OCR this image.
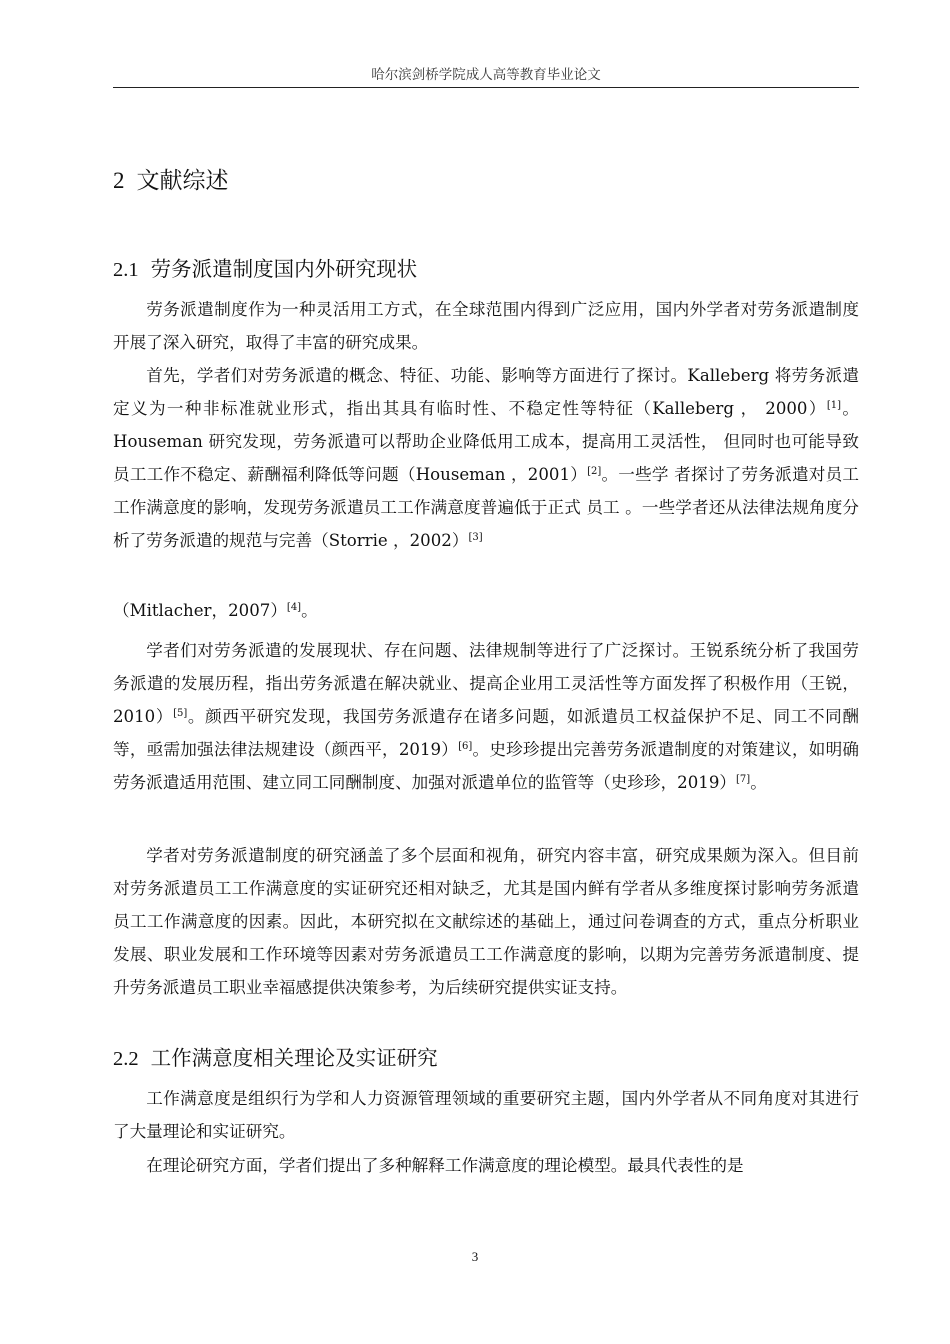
哈尔滨剑桥学院成人高等教育毕业论文
2 文献综述
2.1 劳务派遣制度国内外研究现状

劳务派遣制度作为一种灵活用工方式，在全球范围内得到广泛应用，国内外学者对劳务派遣制度开展了深入研究，取得了丰富的研究成果。

首先，学者们对劳务派遣的概念、特征、功能、影响等方面进行了探讨。Kalleberg 将劳务派遣定义为一种非标准就业形式，指出其具有临时性、不稳定性等特征（Kalleberg ， 2000）[1]。Houseman 研究发现，劳务派遣可以帮助企业降低用工成本，提高用工灵活性， 但同时也可能导致员工工作不稳定、薪酬福利降低等问题（Houseman ，2001）[2]。一些学 者探讨了劳务派遣对员工工作满意度的影响，发现劳务派遣员工工作满意度普遍低于正式 员工 。一些学者还从法律法规角度分析了劳务派遣的规范与完善（Storrie ，2002）[3]

（Mitlacher，2007）[4]。

学者们对劳务派遣的发展现状、存在问题、法律规制等进行了广泛探讨。王锐系统分析了我国劳务派遣的发展历程，指出劳务派遣在解决就业、提高企业用工灵活性等方面发挥了积极作用（王锐，2010）[5]。颜西平研究发现，我国劳务派遣存在诸多问题，如派遣员工权益保护不足、同工不同酬等，亟需加强法律法规建设（颜西平，2019）[6]。史珍珍提出完善劳务派遣制度的对策建议，如明确劳务派遣适用范围、建立同工同酬制度、加强对派遣单位的监管等（史珍珍，2019）[7]。

学者对劳务派遣制度的研究涵盖了多个层面和视角，研究内容丰富，研究成果颇为深入。但目前对劳务派遣员工工作满意度的实证研究还相对缺乏，尤其是国内鲜有学者从多维度探讨影响劳务派遣员工工作满意度的因素。因此，本研究拟在文献综述的基础上，通过问卷调查的方式，重点分析职业发展、职业发展和工作环境等因素对劳务派遣员工工作满意度的影响，以期为完善劳务派遣制度、提升劳务派遣员工职业幸福感提供决策参考，为后续研究提供实证支持。

2.2 工作满意度相关理论及实证研究

工作满意度是组织行为学和人力资源管理领域的重要研究主题，国内外学者从不同角度对其进行了大量理论和实证研究。

在理论研究方面，学者们提出了多种解释工作满意度的理论模型。最具代表性的是

3
